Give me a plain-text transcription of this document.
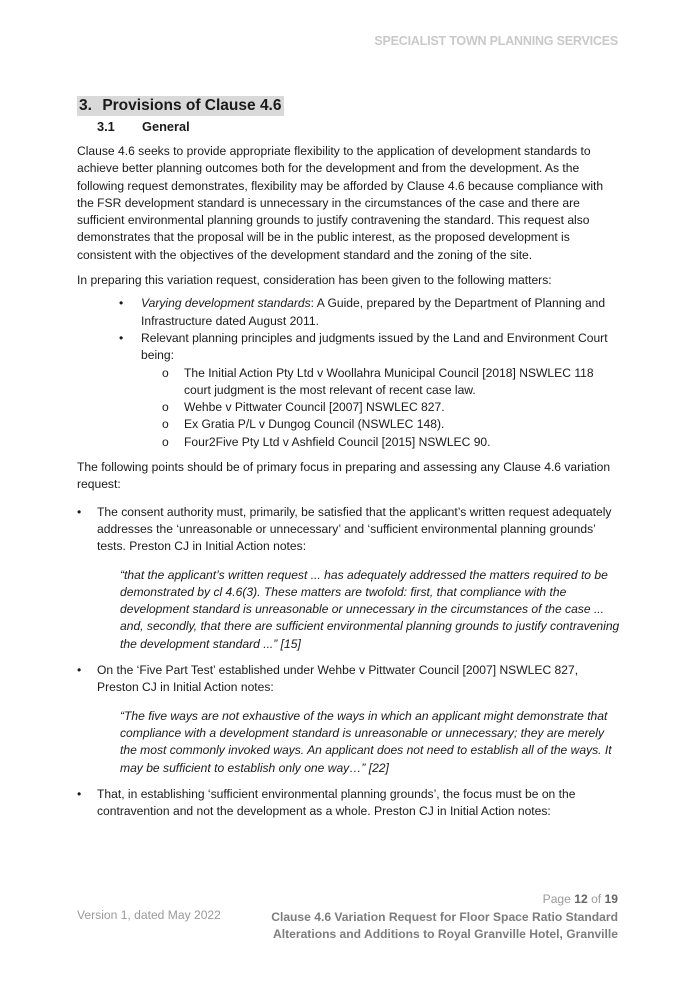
SPECIALIST TOWN PLANNING SERVICES
3. Provisions of Clause 4.6
3.1 General

Clause 4.6 seeks to provide appropriate flexibility to the application of development standards to achieve better planning outcomes both for the development and from the development. As the following request demonstrates, flexibility may be afforded by Clause 4.6 because compliance with the FSR development standard is unnecessary in the circumstances of the case and there are sufficient environmental planning grounds to justify contravening the standard. This request also demonstrates that the proposal will be in the public interest, as the proposed development is consistent with the objectives of the development standard and the zoning of the site.

In preparing this variation request, consideration has been given to the following matters:

• Varying development standards: A Guide, prepared by the Department of Planning and Infrastructure dated August 2011.
• Relevant planning principles and judgments issued by the Land and Environment Court being:
o The Initial Action Pty Ltd v Woollahra Municipal Council [2018] NSWLEC 118 court judgment is the most relevant of recent case law.
o Wehbe v Pittwater Council [2007] NSWLEC 827.
o Ex Gratia P/L v Dungog Council (NSWLEC 148).
o Four2Five Pty Ltd v Ashfield Council [2015] NSWLEC 90.

The following points should be of primary focus in preparing and assessing any Clause 4.6 variation request:

• The consent authority must, primarily, be satisfied that the applicant’s written request adequately addresses the ‘unreasonable or unnecessary’ and ‘sufficient environmental planning grounds’ tests. Preston CJ in Initial Action notes:

“that the applicant’s written request ... has adequately addressed the matters required to be demonstrated by cl 4.6(3). These matters are twofold: first, that compliance with the development standard is unreasonable or unnecessary in the circumstances of the case ... and, secondly, that there are sufficient environmental planning grounds to justify contravening the development standard ...” [15]

• On the ‘Five Part Test’ established under Wehbe v Pittwater Council [2007] NSWLEC 827, Preston CJ in Initial Action notes:

“The five ways are not exhaustive of the ways in which an applicant might demonstrate that compliance with a development standard is unreasonable or unnecessary; they are merely the most commonly invoked ways. An applicant does not need to establish all of the ways. It may be sufficient to establish only one way…” [22]

• That, in establishing ‘sufficient environmental planning grounds’, the focus must be on the contravention and not the development as a whole. Preston CJ in Initial Action notes:
Version 1, dated May 2022
Page 12 of 19
Clause 4.6 Variation Request for Floor Space Ratio Standard
Alterations and Additions to Royal Granville Hotel, Granville
